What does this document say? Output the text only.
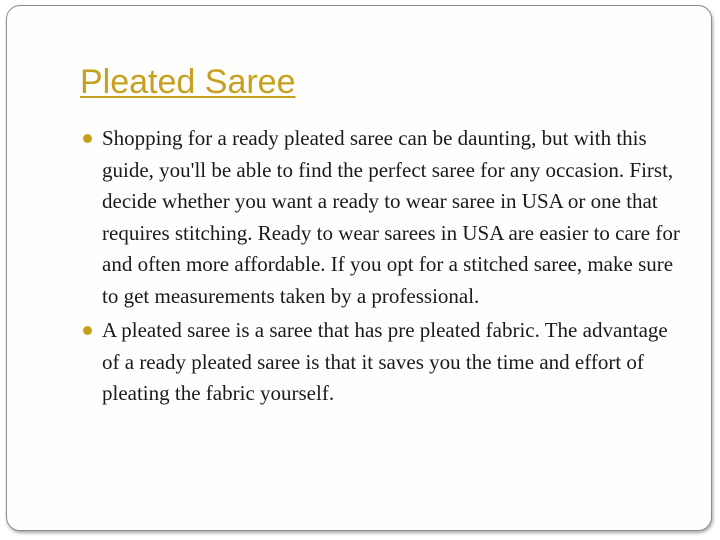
Pleated Saree
Shopping for a ready pleated saree can be daunting, but with this guide, you'll be able to find the perfect saree for any occasion. First, decide whether you want a ready to wear saree in USA or one that requires stitching. Ready to wear sarees in USA are easier to care for and often more affordable. If you opt for a stitched saree, make sure to get measurements taken by a professional.
A pleated saree is a saree that has pre pleated fabric. The advantage of a ready pleated saree is that it saves you the time and effort of pleating the fabric yourself.
